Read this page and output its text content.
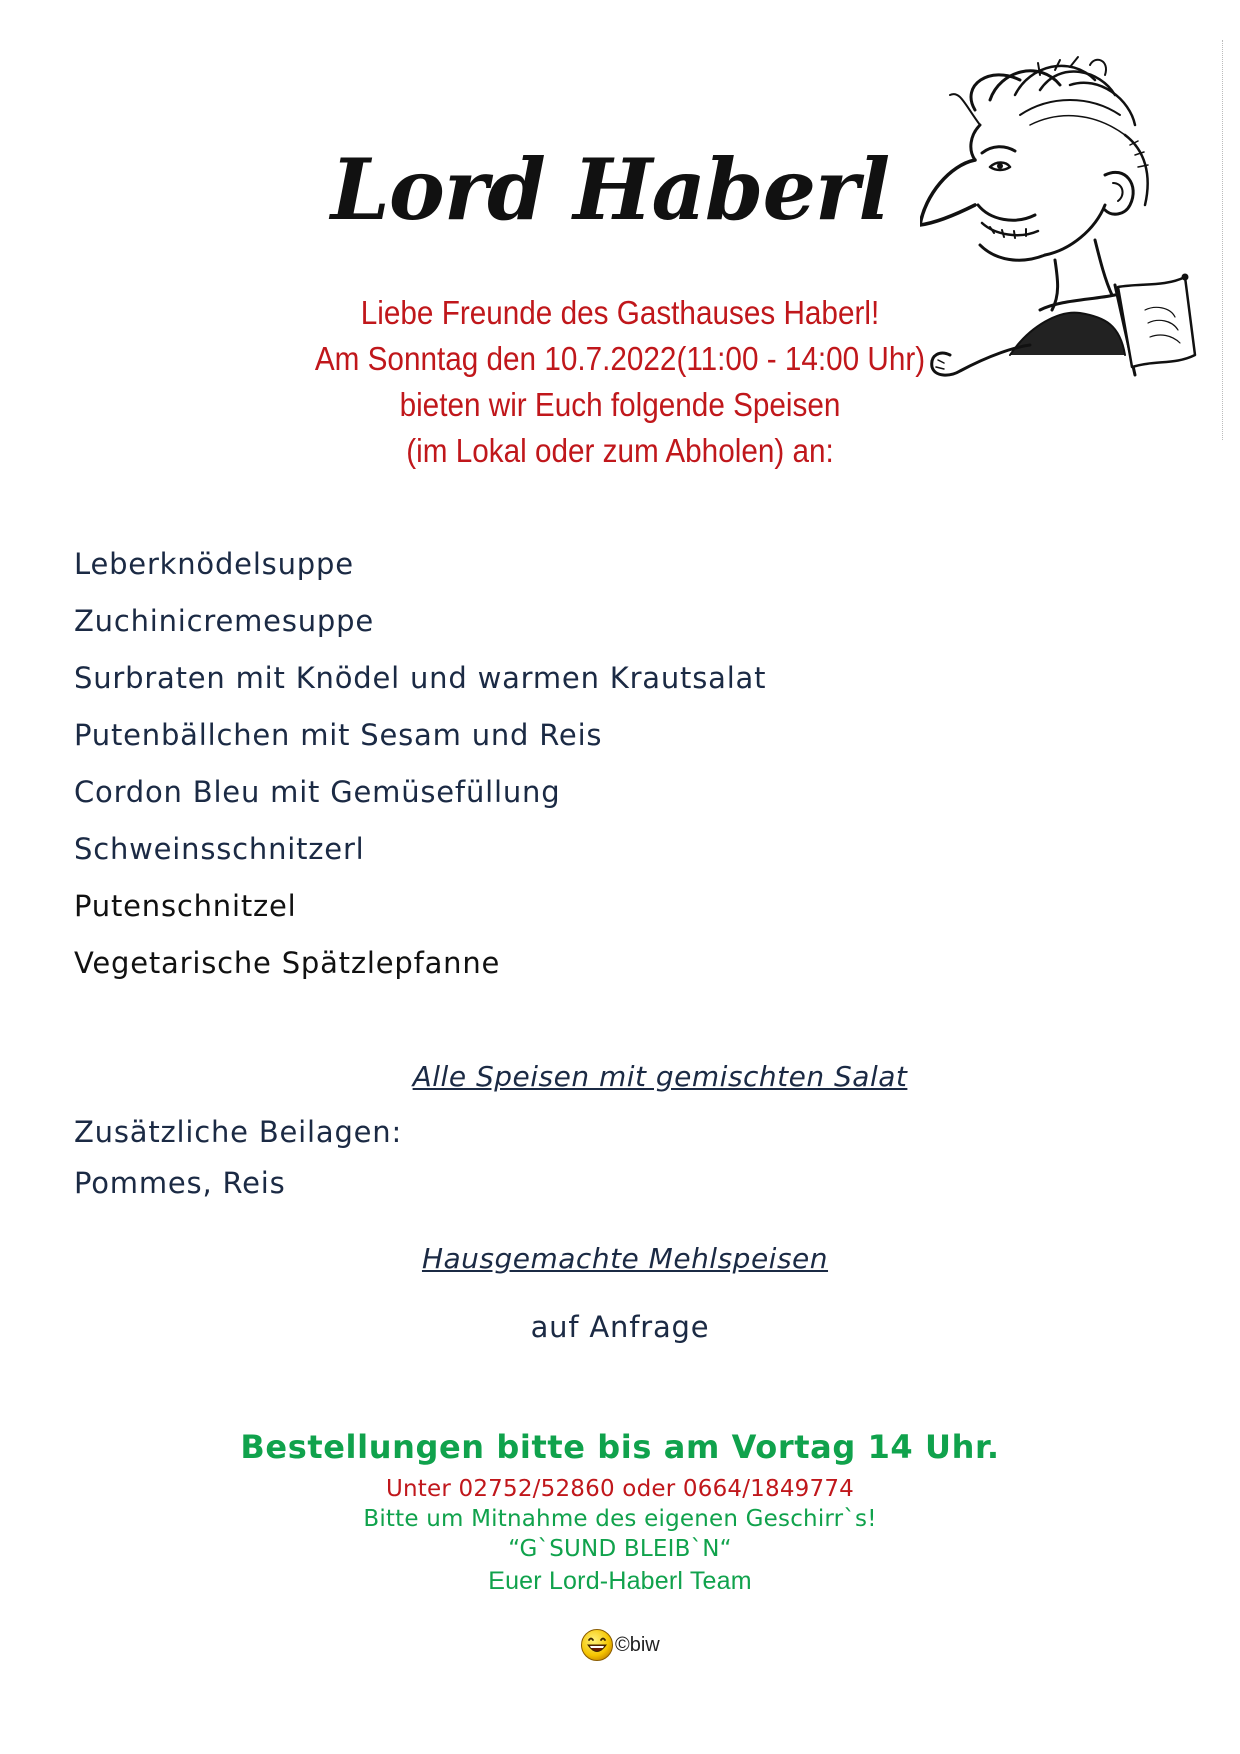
Lord Haberl
Liebe Freunde des Gasthauses Haberl!
Am Sonntag den 10.7.2022(11:00 - 14:00 Uhr)
bieten wir Euch folgende Speisen
(im Lokal oder zum Abholen) an:
Leberknödelsuppe
Zuchinicremesuppe
Surbraten mit Knödel und warmen Krautsalat
Putenbällchen mit Sesam und Reis
Cordon Bleu mit Gemüsefüllung
Schweinsschnitzerl
Putenschnitzel
Vegetarische Spätzlepfanne
Alle Speisen mit gemischten Salat
Zusätzliche Beilagen:
Pommes, Reis
Hausgemachte Mehlspeisen
auf Anfrage
Bestellungen bitte bis am Vortag 14 Uhr.
Unter 02752/52860 oder 0664/1849774
Bitte um Mitnahme des eigenen Geschirr`s!
“G`SUND BLEIB`N“
Euer Lord-Haberl Team
©biw
